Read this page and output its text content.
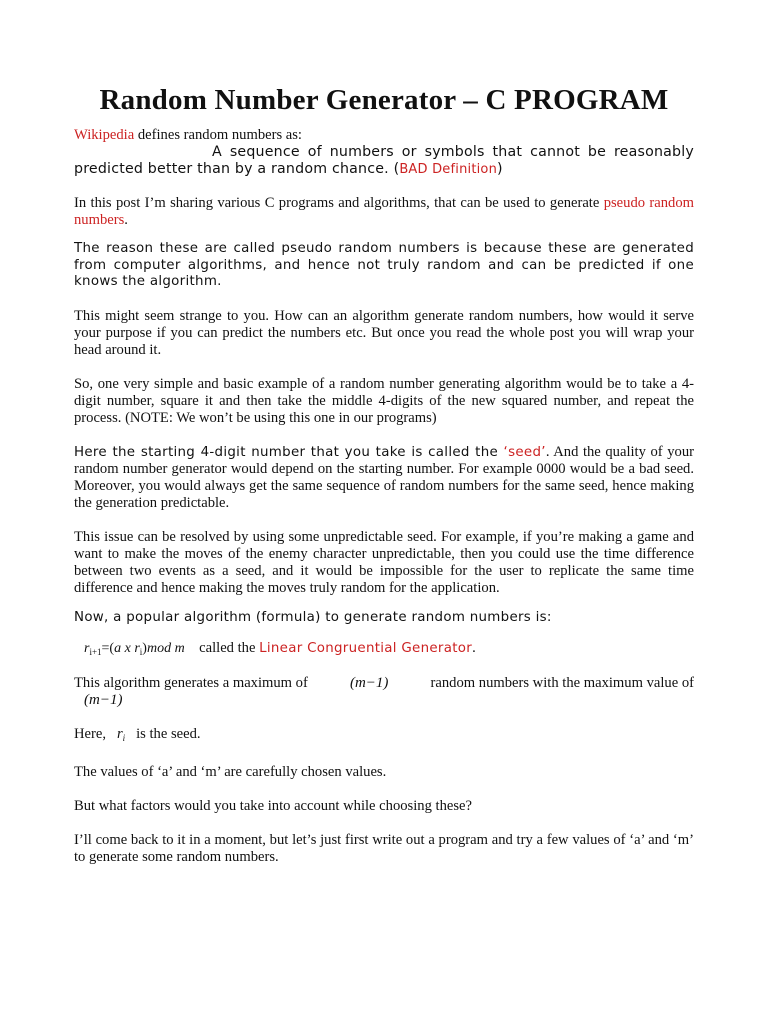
Random Number Generator – C PROGRAM

Wikipedia defines random numbers as:

A sequence of numbers or symbols that cannot be reasonably predicted better than by a random chance. (BAD Definition)

In this post I’m sharing various C programs and algorithms, that can be used to generate pseudo random numbers.

The reason these are called pseudo random numbers is because these are generated from computer algorithms, and hence not truly random and can be predicted if one knows the algorithm.

This might seem strange to you. How can an algorithm generate random numbers, how would it serve your purpose if you can predict the numbers etc. But once you read the whole post you will wrap your head around it.

So, one very simple and basic example of a random number generating algorithm would be to take a 4-digit number, square it and then take the middle 4-digits of the new squared number, and repeat the process. (NOTE: We won’t be using this one in our programs)

Here the starting 4-digit number that you take is called the ‘seed’. And the quality of your random number generator would depend on the starting number. For example 0000 would be a bad seed. Moreover, you would always get the same sequence of random numbers for the same seed, hence making the generation predictable.

This issue can be resolved by using some unpredictable seed. For example, if you’re making a game and want to make the moves of the enemy character unpredictable, then you could use the time difference between two events as a seed, and it would be impossible for the user to replicate the same time difference and hence making the moves truly random for the application.

Now, a popular algorithm (formula) to generate random numbers is:

$r_{i+1}=(a$ x $r_i)mod$ m called the Linear Congruential Generator.

This algorithm generates a maximum of	(m−1)	random numbers with the maximum value of

(m−1)

Here, $r_i$ is the seed.

The values of ‘a’ and ‘m’ are carefully chosen values.

But what factors would you take into account while choosing these?

I’ll come back to it in a moment, but let’s just first write out a program and try a few values of ‘a’ and ‘m’ to generate some random numbers.
